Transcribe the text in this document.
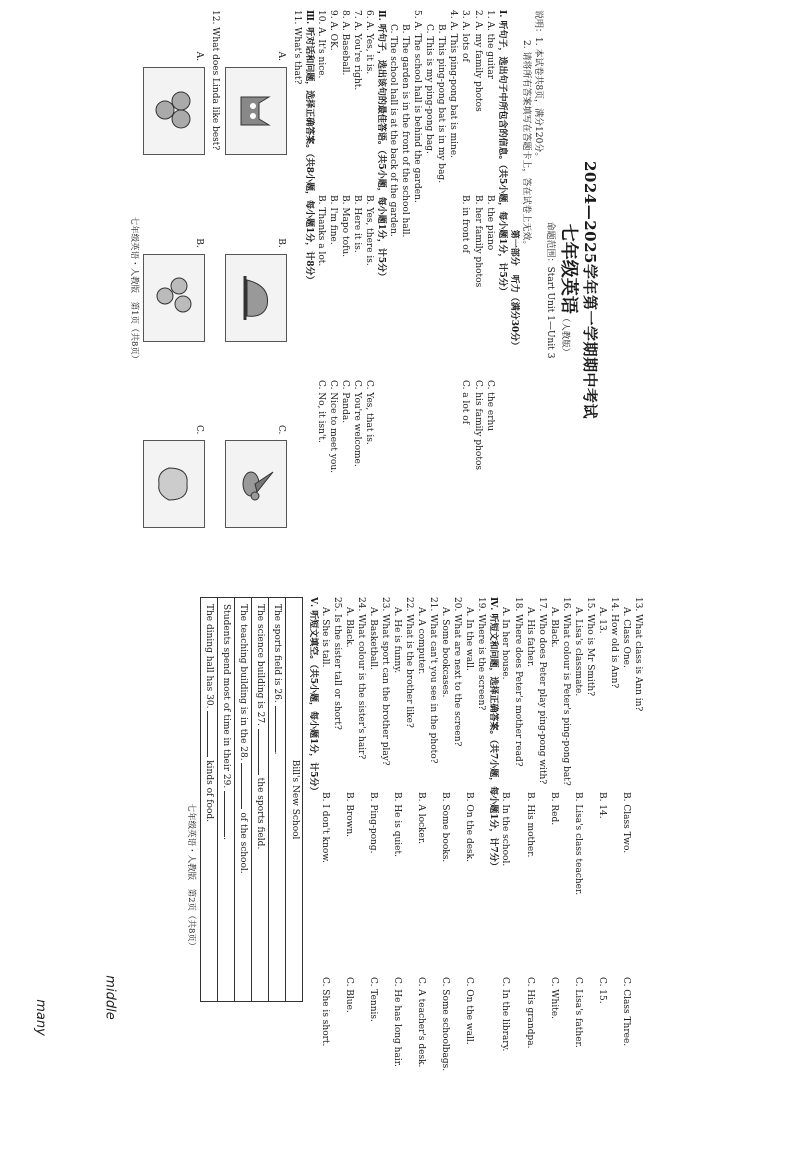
2024—2025学年第一学期期中考试
七年级英语（人教版）
命题范围：Start Unit 1—Unit 3
说明：1. 本试卷共8页，满分120分。
2. 请将所有答案填写在答题卡上，答在试卷上无效。
第一部分　听力（满分30分）
Ⅰ. 听句子，选出句子中所包含的信息。（共5小题，每小题1分，计5分）
1. A. the guitar
B. the piano
C. the erhu
2. A. my family photos
B. her family photos
C. his family photos
3. A. lots of
B. in front of
C. a lot of
4. A. This ping-pong bat is mine.
B. This ping-pong bat is in my bag.
C. This is my ping-pong bag.
5. A. The school hall is behind the garden.
B. The garden is in the front of the school hall.
C. The school hall is at the back of the garden.
Ⅱ. 听句子，选出该句的最佳答语。（共5小题，每小题1分，计5分）
6. A. Yes, it is.
B. Yes, there is.
C. Yes, that is.
7. A. You're right.
B. Here it is.
C. You're welcome.
8. A. Baseball.
B. Mapo tofu.
C. Panda.
9. A. OK.
B. I'm fine.
C. Nice to meet you.
10. A. It's nice.
B. Thanks a lot.
C. No, it isn't.
Ⅲ. 听对话和问题，选择正确答案。（共8小题，每小题1分，计8分）
11. What's that?
A.
B.
C.
12. What does Linda like best?
A.
B.
C.
七年级英语・人教版　第1页（共8页）
13. What class is Ann in?
A. Class One.
B. Class Two.
C. Class Three.
14. How old is Ann?
A. 13.
B. 14.
C. 15.
15. Who is Mr Smith?
A. Lisa's classmate.
B. Lisa's class teacher.
C. Lisa's father.
16. What colour is Peter's ping-pong bat?
A. Black.
B. Red.
C. White.
17. Who does Peter play ping-pong with?
A. His father.
B. His mother.
C. His grandpa.
18. Where does Peter's mother read?
A. In her house.
B. In the school.
C. In the library.
Ⅳ. 听短文和问题，选择正确答案。（共7小题，每小题1分，计7分）
19. Where is the screen?
A. In the wall.
B. On the desk.
C. On the wall.
20. What are next to the screen?
A. Some bookcases.
B. Some books.
C. Some schoolbags.
21. What can't you see in the photo?
A. A computer.
B. A locker.
C. A teacher's desk.
22. What is the brother like?
A. He is funny.
B. He is quiet.
C. He has long hair.
23. What sport can the brother play?
A. Basketball.
B. Ping-pong.
C. Tennis.
24. What colour is the sister's hair?
A. Black.
B. Brown.
C. Blue.
25. Is the sister tall or short?
A. She is tall.
B. I don't know.
C. She is short.
Ⅴ. 听短文填空。（共5小题，每小题1分，计5分）
Bill's New School
The sports field is 26. .
The science building is 27.  the sports field.
The teaching building is in the 28.  of the school.
Students spend most of time in their 29. .
The dining hall has 30.  kinds of food.
七年级英语・人教版　第2页（共8页）
middle
many
